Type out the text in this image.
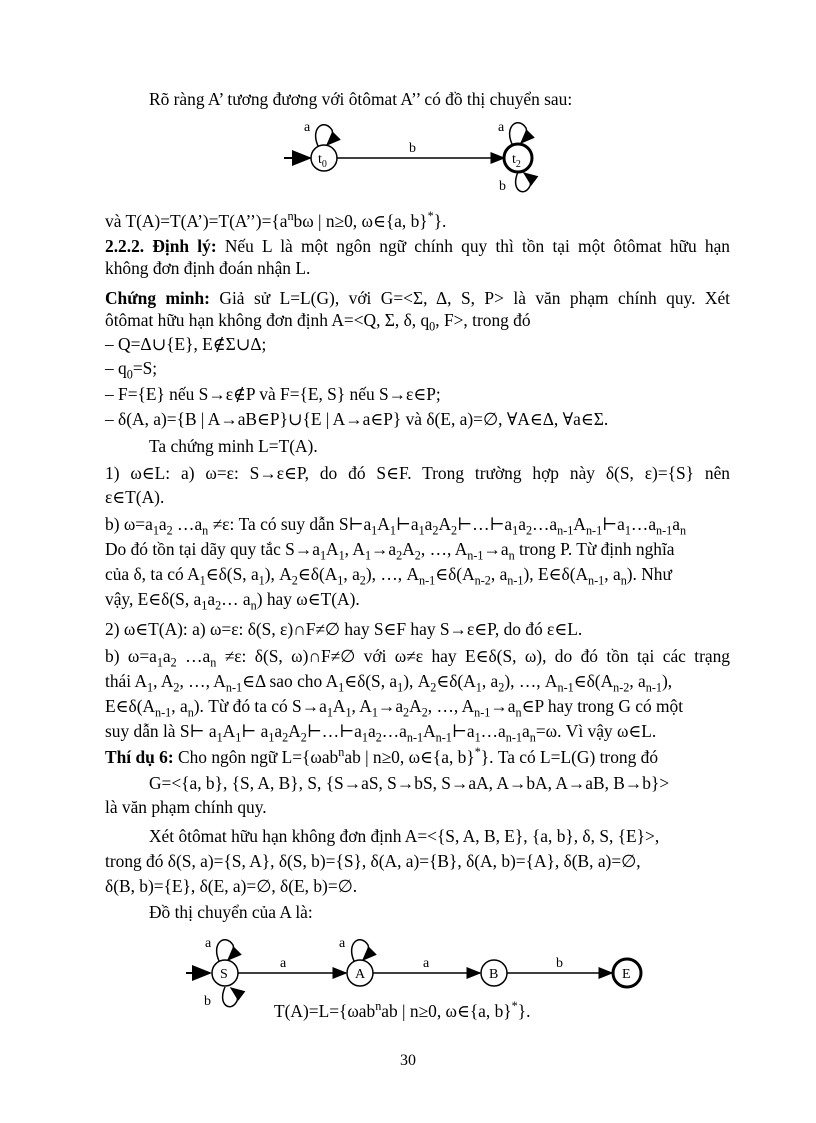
Rõ ràng A’ tương đương với ôtômat A’’ có đồ thị chuyển sau:

$t_0$
a
b
$t_2$
a
b

và $T(A)=T(A’)=T(A’’)=\{a^nb\omega$ | n≥0, ω∈{a, b}*}.

2.2.2. Định lý: Nếu L là một ngôn ngữ chính quy thì tồn tại một ôtômat hữu hạn

không đơn định đoán nhận L.

Chứng minh: Giả sử L=L(G), với G=<Σ, Δ, S, P> là văn phạm chính quy. Xét

ôtômat hữu hạn không đơn định A=<Q, Σ, δ, $q_0$, F>, trong đó

– Q=Δ∪{E}, E∉Σ∪Δ;

– $q_0=S$;

– F={E} nếu S→ε∉P và F={E, S} nếu S→ε∈P;

– δ(A, a)={B | A→aB∈P}∪{E | A→a∈P} và δ(E, a)=∅, ∀A∈Δ, ∀a∈Σ.

Ta chứng minh L=T(A).

1) ω∈L: a) ω=ε: S→ε∈P, do đó S∈F. Trong trường hợp này δ(S, ε)={S} nên

ε∈T(A).

b) $\omega=a_1a_2$ $\dots a_n \ne\varepsilon$: Ta có suy dẫn $S⊢a_1A_1⊢a_1a_2A_2⊢\dots⊢a_1a_2\dots a_{n-1}A_{n-1}⊢a_1\dots a_{n-1}a_n$

Do đó tồn tại dãy quy tắc $S\to a_1A_1$, $A_1\to a_2A_2$, …, $A_{n-1}\to a_n$ trong P. Từ định nghĩa

của δ, ta có $A_1\in\delta(S$, $a_1$), $A_2\in\delta(A_1$, $a_2$), …, $A_{n-1}\in\delta(A_{n-2}$, $a_{n-1}$), $E\in\delta(A_{n-1}$, $a_n$). Như

vậy, E∈δ(S, $a_1a_2\dots$ $a_n$) hay ω∈T(A).

2) ω∈T(A): a) ω=ε: δ(S, ε)∩F≠∅ hay S∈F hay S→ε∈P, do đó ε∈L.

b) $\omega=a_1a_2$ $\dots a_n \ne\varepsilon$: δ(S, ω)∩F≠∅ với ω≠ε hay E∈δ(S, ω), do đó tồn tại các trạng

thái $A_1$, $A_2$, …, $A_{n-1}\in\Delta$ sao cho $A_1\in\delta(S$, $a_1$), $A_2\in\delta(A_1$, $a_2$), …, $A_{n-1}\in\delta(A_{n-2}$, $a_{n-1}$),

$E\in\delta(A_{n-1}$, $a_n$). Từ đó ta có $S\to a_1A_1$, $A_1\to a_2A_2$, …, $A_{n-1}\to a_n\in P$ hay trong G có một

suy dẫn là S⊢ $a_1A_1⊢$ $a_1a_2A_2⊢\dots⊢a_1a_2\dots a_{n-1}A_{n-1}⊢a_1\dots a_{n-1}a_n=\omega$. Vì vậy ω∈L.

Thí dụ 6: Cho ngôn ngữ L={ωab$^n$ab | n≥0, ω∈{a, b}*}. Ta có L=L(G) trong đó

G=<{a, b}, {S, A, B}, S, {S→aS, S→bS, S→aA, A→bA, A→aB, B→b}>

là văn phạm chính quy.

Xét ôtômat hữu hạn không đơn định A=<{S, A, B, E}, {a, b}, δ, S, {E}>,

trong đó δ(S, a)={S, A}, δ(S, b)={S}, δ(A, a)={B}, δ(A, b)={A}, δ(B, a)=∅,

δ(B, b)={E}, δ(E, a)=∅, δ(E, b)=∅.

Đồ thị chuyển của A là:

S
a
b
a
A
a
a
B
b
E

T(A)=L={ωab$^n$ab | n≥0, ω∈{a, b}*}.

30
